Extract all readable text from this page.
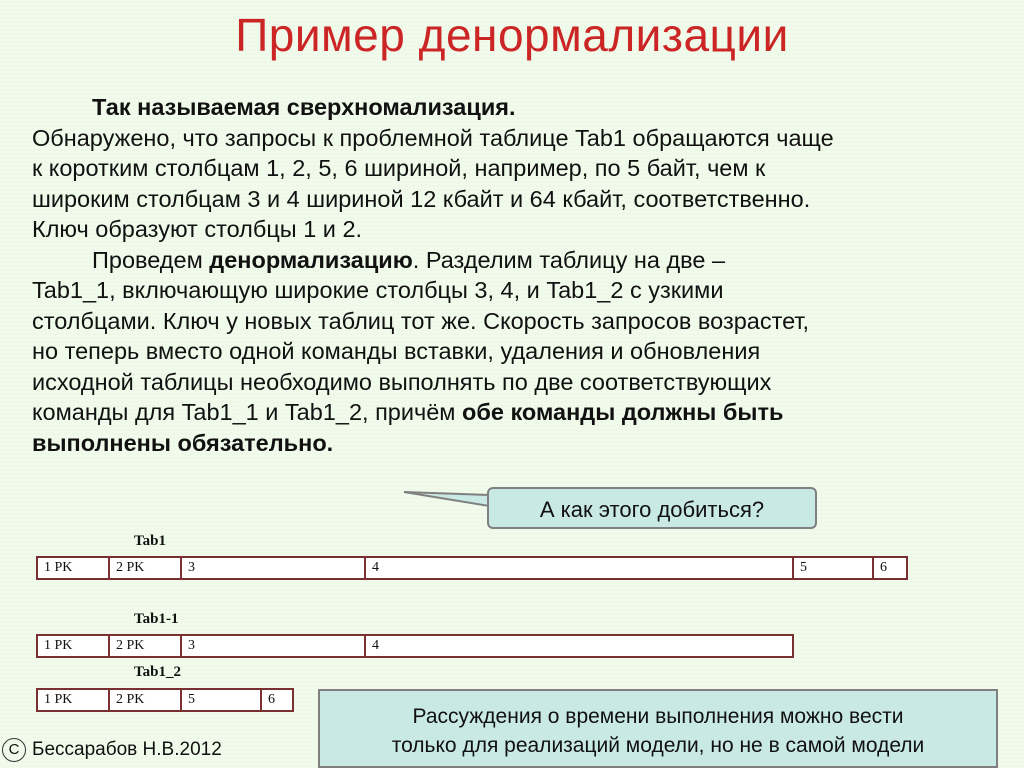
Пример денормализации

Так называемая сверхномализация.
Обнаружено, что запросы к проблемной таблице Tab1 обращаются чаще
к коротким столбцам 1, 2, 5, 6 шириной, например, по 5 байт, чем к
широким столбцам 3 и 4 шириной 12 кбайт и 64 кбайт, соответственно.
Ключ образуют столбцы 1 и 2.

Проведем денормализацию. Разделим таблицу на две –
Tab1_1, включающую широкие столбцы 3, 4, и Tab1_2 с узкими
столбцами. Ключ у новых таблиц тот же. Скорость запросов возрастет,
но теперь вместо одной команды вставки, удаления и обновления
исходной таблицы необходимо выполнять по две соответствующих
команды для Tab1_1 и Tab1_2, причём обе команды должны быть
выполнены обязательно.

А как этого добиться?
Tab1
1 PK	2 PK	3	4	5	6
Tab1-1
1 PK	2 PK	3	4
Tab1_2
1 PK	2 PK	5	6
Рассуждения о времени выполнения можно вести
только для реализаций модели, но не в самой модели
C Бессарабов Н.В.2012
